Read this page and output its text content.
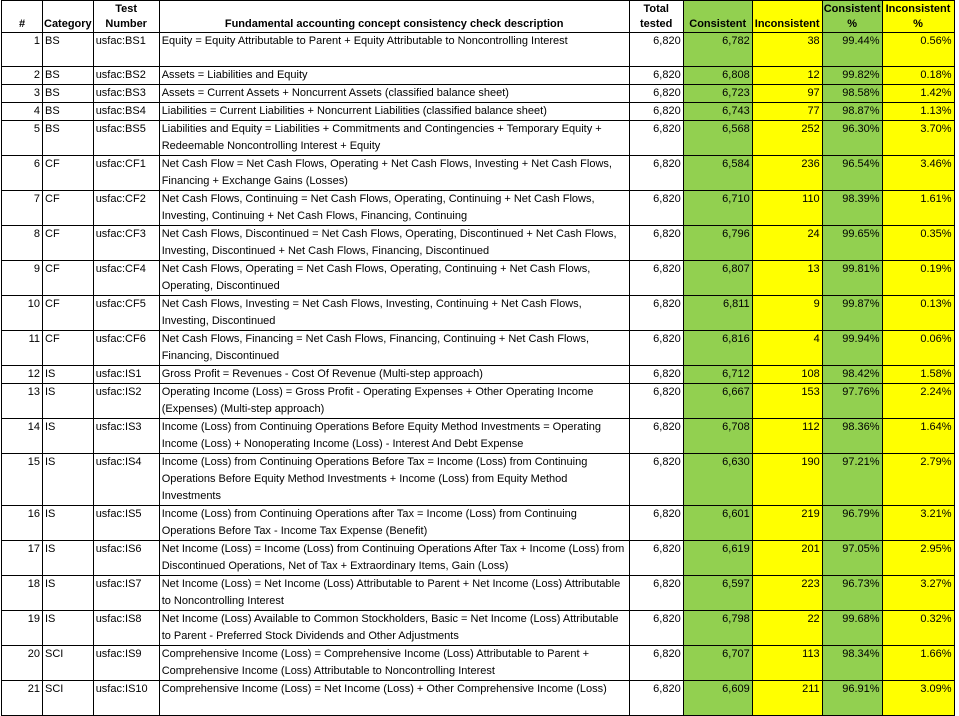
#	Category	Test Number	Fundamental accounting concept consistency check description	Total tested	Consistent	Inconsistent	Consistent %	Inconsistent %
1	BS	usfac:BS1	Equity = Equity Attributable to Parent + Equity Attributable to Noncontrolling Interest	6,820	6,782	38	99.44%	0.56%
2	BS	usfac:BS2	Assets = Liabilities and Equity	6,820	6,808	12	99.82%	0.18%
3	BS	usfac:BS3	Assets = Current Assets + Noncurrent Assets (classified balance sheet)	6,820	6,723	97	98.58%	1.42%
4	BS	usfac:BS4	Liabilities = Current Liabilities + Noncurrent Liabilities (classified balance sheet)	6,820	6,743	77	98.87%	1.13%
5	BS	usfac:BS5	Liabilities and Equity = Liabilities + Commitments and Contingencies + Temporary Equity + Redeemable Noncontrolling Interest + Equity	6,820	6,568	252	96.30%	3.70%
6	CF	usfac:CF1	Net Cash Flow = Net Cash Flows, Operating + Net Cash Flows, Investing + Net Cash Flows, Financing + Exchange Gains (Losses)	6,820	6,584	236	96.54%	3.46%
7	CF	usfac:CF2	Net Cash Flows, Continuing = Net Cash Flows, Operating, Continuing + Net Cash Flows, Investing, Continuing + Net Cash Flows, Financing, Continuing	6,820	6,710	110	98.39%	1.61%
8	CF	usfac:CF3	Net Cash Flows, Discontinued = Net Cash Flows, Operating, Discontinued + Net Cash Flows, Investing, Discontinued + Net Cash Flows, Financing, Discontinued	6,820	6,796	24	99.65%	0.35%
9	CF	usfac:CF4	Net Cash Flows, Operating = Net Cash Flows, Operating, Continuing + Net Cash Flows, Operating, Discontinued	6,820	6,807	13	99.81%	0.19%
10	CF	usfac:CF5	Net Cash Flows, Investing = Net Cash Flows, Investing, Continuing + Net Cash Flows, Investing, Discontinued	6,820	6,811	9	99.87%	0.13%
11	CF	usfac:CF6	Net Cash Flows, Financing = Net Cash Flows, Financing, Continuing + Net Cash Flows, Financing, Discontinued	6,820	6,816	4	99.94%	0.06%
12	IS	usfac:IS1	Gross Profit = Revenues - Cost Of Revenue (Multi-step approach)	6,820	6,712	108	98.42%	1.58%
13	IS	usfac:IS2	Operating Income (Loss) = Gross Profit - Operating Expenses + Other Operating Income (Expenses) (Multi-step approach)	6,820	6,667	153	97.76%	2.24%
14	IS	usfac:IS3	Income (Loss) from Continuing Operations Before Equity Method Investments = Operating Income (Loss) + Nonoperating Income (Loss) - Interest And Debt Expense	6,820	6,708	112	98.36%	1.64%
15	IS	usfac:IS4	Income (Loss) from Continuing Operations Before Tax = Income (Loss) from Continuing Operations Before Equity Method Investments + Income (Loss) from Equity Method Investments	6,820	6,630	190	97.21%	2.79%
16	IS	usfac:IS5	Income (Loss) from Continuing Operations after Tax = Income (Loss) from Continuing Operations Before Tax - Income Tax Expense (Benefit)	6,820	6,601	219	96.79%	3.21%
17	IS	usfac:IS6	Net Income (Loss) = Income (Loss) from Continuing Operations After Tax + Income (Loss) from Discontinued Operations, Net of Tax + Extraordinary Items, Gain (Loss)	6,820	6,619	201	97.05%	2.95%
18	IS	usfac:IS7	Net Income (Loss) = Net Income (Loss) Attributable to Parent + Net Income (Loss) Attributable to Noncontrolling Interest	6,820	6,597	223	96.73%	3.27%
19	IS	usfac:IS8	Net Income (Loss) Available to Common Stockholders, Basic = Net Income (Loss) Attributable to Parent - Preferred Stock Dividends and Other Adjustments	6,820	6,798	22	99.68%	0.32%
20	SCI	usfac:IS9	Comprehensive Income (Loss) = Comprehensive Income (Loss) Attributable to Parent + Comprehensive Income (Loss) Attributable to Noncontrolling Interest	6,820	6,707	113	98.34%	1.66%
21	SCI	usfac:IS10	Comprehensive Income (Loss) = Net Income (Loss) + Other Comprehensive Income (Loss)	6,820	6,609	211	96.91%	3.09%
